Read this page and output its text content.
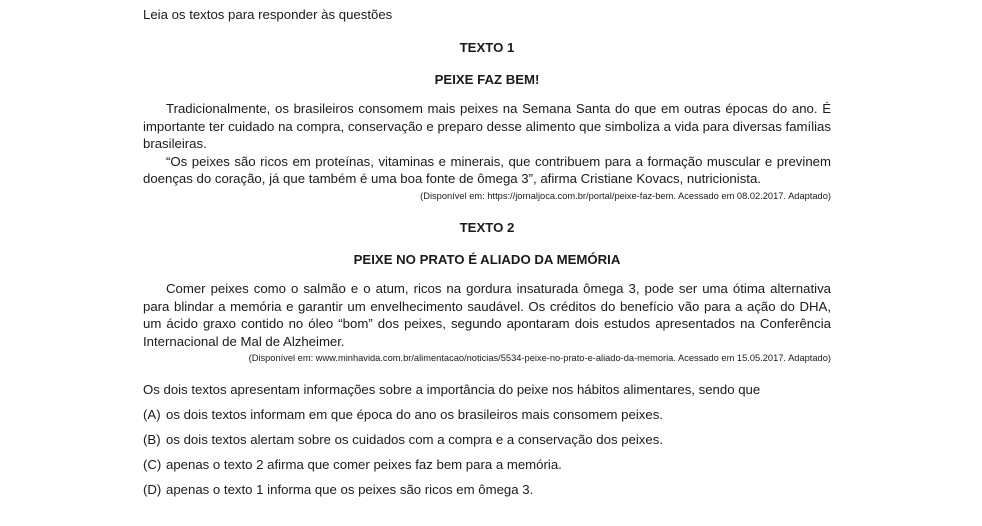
Leia os textos para responder às questões

TEXTO 1

PEIXE FAZ BEM!

Tradicionalmente, os brasileiros consomem mais peixes na Semana Santa do que em outras épocas do ano. É importante ter cuidado na compra, conservação e preparo desse alimento que simboliza a vida para diversas famílias brasileiras.

“Os peixes são ricos em proteínas, vitaminas e minerais, que contribuem para a formação muscular e previnem doenças do coração, já que também é uma boa fonte de ômega 3”, afirma Cristiane Kovacs, nutricionista.

(Disponível em: https://jornaljoca.com.br/portal/peixe-faz-bem. Acessado em 08.02.2017. Adaptado)

TEXTO 2

PEIXE NO PRATO É ALIADO DA MEMÓRIA

Comer peixes como o salmão e o atum, ricos na gordura insaturada ômega 3, pode ser uma ótima alternativa para blindar a memória e garantir um envelhecimento saudável. Os créditos do benefício vão para a ação do DHA, um ácido graxo contido no óleo “bom” dos peixes, segundo apontaram dois estudos apresentados na Conferência Internacional de Mal de Alzheimer.

(Disponível em: www.minhavida.com.br/alimentacao/noticias/5534-peixe-no-prato-e-aliado-da-memoria. Acessado em 15.05.2017. Adaptado)

Os dois textos apresentam informações sobre a importância do peixe nos hábitos alimentares, sendo que

(A) os dois textos informam em que época do ano os brasileiros mais consomem peixes.
(B) os dois textos alertam sobre os cuidados com a compra e a conservação dos peixes.
(C) apenas o texto 2 afirma que comer peixes faz bem para a memória.
(D) apenas o texto 1 informa que os peixes são ricos em ômega 3.
